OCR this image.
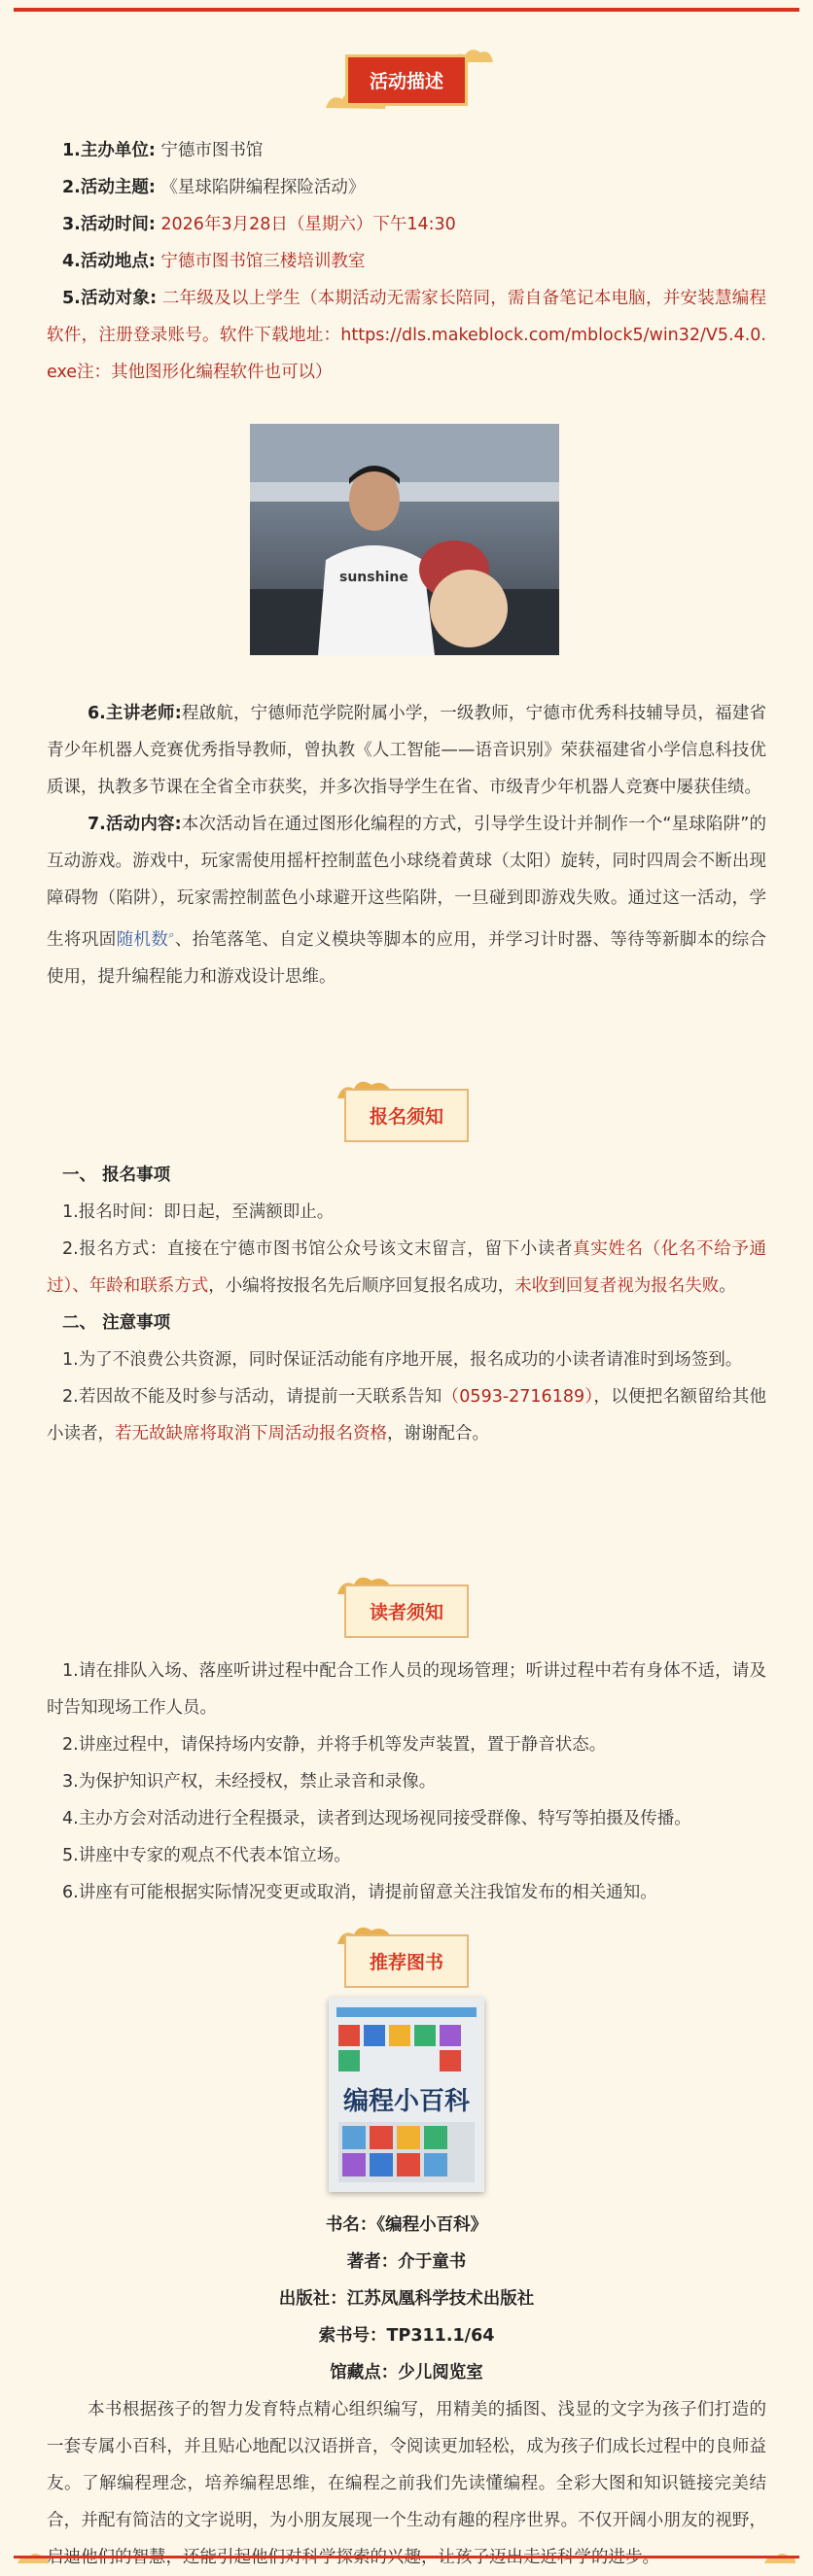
活动描述
1.主办单位: 宁德市图书馆
2.活动主题: 《星球陷阱编程探险活动》
3.活动时间: 2026年3月28日（星期六）下午14:30
4.活动地点: 宁德市图书馆三楼培训教室
5.活动对象: 二年级及以上学生（本期活动无需家长陪同，需自备笔记本电脑，并安装慧编程软件，注册登录账号。软件下载地址：https://dls.makeblock.com/mblock5/win32/V5.4.0.exe注：其他图形化编程软件也可以）
sunshine
6.主讲老师:程啟航，宁德师范学院附属小学，一级教师，宁德市优秀科技辅导员，福建省青少年机器人竞赛优秀指导教师，曾执教《人工智能——语音识别》荣获福建省小学信息科技优质课，执教多节课在全省全市获奖，并多次指导学生在省、市级青少年机器人竞赛中屡获佳绩。
7.活动内容:本次活动旨在通过图形化编程的方式，引导学生设计并制作一个“星球陷阱”的互动游戏。游戏中，玩家需使用摇杆控制蓝色小球绕着黄球（太阳）旋转，同时四周会不断出现障碍物（陷阱），玩家需控制蓝色小球避开这些陷阱，一旦碰到即游戏失败。通过这一活动，学生将巩固随机数⌕、抬笔落笔、自定义模块等脚本的应用，并学习计时器、等待等新脚本的综合使用，提升编程能力和游戏设计思维。
报名须知
一、 报名事项
1.报名时间：即日起，至满额即止。
2.报名方式：直接在宁德市图书馆公众号该文末留言，留下小读者真实姓名（化名不给予通过）、年龄和联系方式，小编将按报名先后顺序回复报名成功，未收到回复者视为报名失败。
二、 注意事项
1.为了不浪费公共资源，同时保证活动能有序地开展，报名成功的小读者请准时到场签到。
2.若因故不能及时参与活动，请提前一天联系告知（0593-2716189），以便把名额留给其他小读者，若无故缺席将取消下周活动报名资格，谢谢配合。
读者须知
1.请在排队入场、落座听讲过程中配合工作人员的现场管理；听讲过程中若有身体不适，请及时告知现场工作人员。
2.讲座过程中，请保持场内安静，并将手机等发声装置，置于静音状态。
3.为保护知识产权，未经授权，禁止录音和录像。
4.主办方会对活动进行全程摄录，读者到达现场视同接受群像、特写等拍摄及传播。
5.讲座中专家的观点不代表本馆立场。
6.讲座有可能根据实际情况变更或取消，请提前留意关注我馆发布的相关通知。
推荐图书
编程小百科
书名：《编程小百科》
著者：介于童书
出版社：江苏凤凰科学技术出版社
索书号：TP311.1/64
馆藏点：少儿阅览室
本书根据孩子的智力发育特点精心组织编写，用精美的插图、浅显的文字为孩子们打造的一套专属小百科，并且贴心地配以汉语拼音，令阅读更加轻松，成为孩子们成长过程中的良师益友。了解编程理念，培养编程思维，在编程之前我们先读懂编程。全彩大图和知识链接完美结合，并配有简洁的文字说明，为小朋友展现一个生动有趣的程序世界。不仅开阔小朋友的视野，
